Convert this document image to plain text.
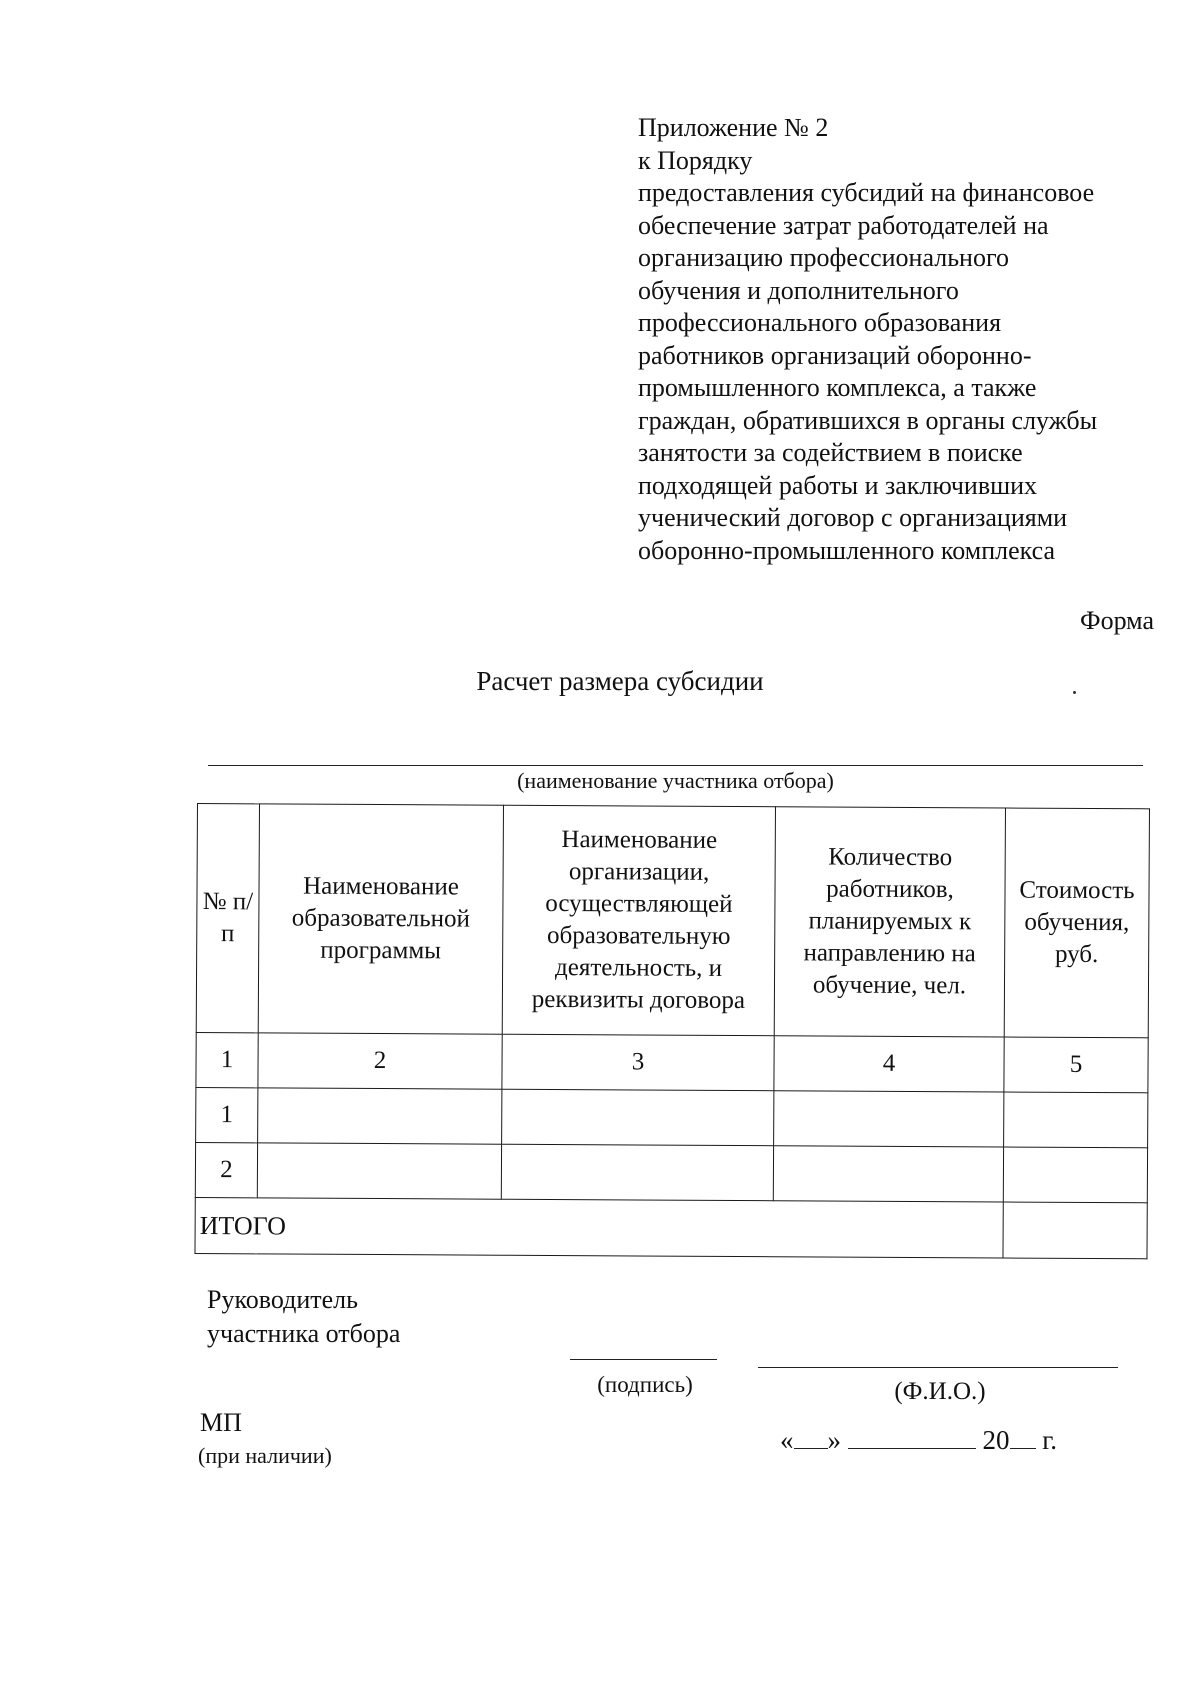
Приложение № 2
к Порядку
предоставления субсидий на финансовое
обеспечение затрат работодателей на
организацию профессионального
обучения и дополнительного
профессионального образования
работников организаций оборонно-
промышленного комплекса, а также
граждан, обратившихся в органы службы
занятости за содействием в поиске
подходящей работы и заключивших
ученический договор с организациями
оборонно-промышленного комплекса
Форма
Расчет размера субсидии
(наименование участника отбора)
№ п/п	Наименование образовательной программы	Наименование организации, осуществляющей образовательную деятельность, и реквизиты договора	Количество работников, планируемых к направлению на обучение, чел.	Стоимость обучения, руб.
1	2	3	4	5
1				
2				
ИТОГО				
Руководитель
участника отбора
(подпись)	(Ф.И.О.)
МП
(при наличии)
« »	20 г.
